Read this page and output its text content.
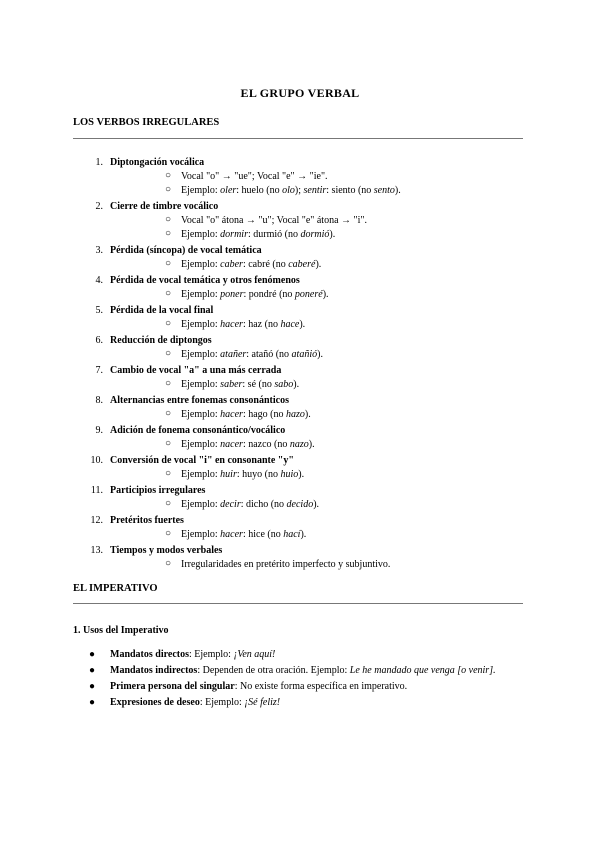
EL GRUPO VERBAL
LOS VERBOS IRREGULARES
1. Diptongación vocálica
○ Vocal "o" → "ue"; Vocal "e" → "ie".
○ Ejemplo: oler: huelo (no olo); sentir: siento (no sento).
2. Cierre de timbre vocálico
○ Vocal "o" átona → "u"; Vocal "e" átona → "i".
○ Ejemplo: dormir: durmió (no dormió).
3. Pérdida (síncopa) de vocal temática
○ Ejemplo: caber: cabré (no caberé).
4. Pérdida de vocal temática y otros fenómenos
○ Ejemplo: poner: pondré (no poneré).
5. Pérdida de la vocal final
○ Ejemplo: hacer: haz (no hace).
6. Reducción de diptongos
○ Ejemplo: atañer: atañó (no atañió).
7. Cambio de vocal "a" a una más cerrada
○ Ejemplo: saber: sé (no sabo).
8. Alternancias entre fonemas consonánticos
○ Ejemplo: hacer: hago (no hazo).
9. Adición de fonema consonántico/vocálico
○ Ejemplo: nacer: nazco (no nazo).
10. Conversión de vocal "i" en consonante "y"
○ Ejemplo: huir: huyo (no huio).
11. Participios irregulares
○ Ejemplo: decir: dicho (no decido).
12. Pretéritos fuertes
○ Ejemplo: hacer: hice (no hací).
13. Tiempos y modos verbales
○ Irregularidades en pretérito imperfecto y subjuntivo.
EL IMPERATIVO
1. Usos del Imperativo
● Mandatos directos: Ejemplo: ¡Ven aquí!
● Mandatos indirectos: Dependen de otra oración. Ejemplo: Le he mandado que venga [o venir].
● Primera persona del singular: No existe forma específica en imperativo.
● Expresiones de deseo: Ejemplo: ¡Sé feliz!
